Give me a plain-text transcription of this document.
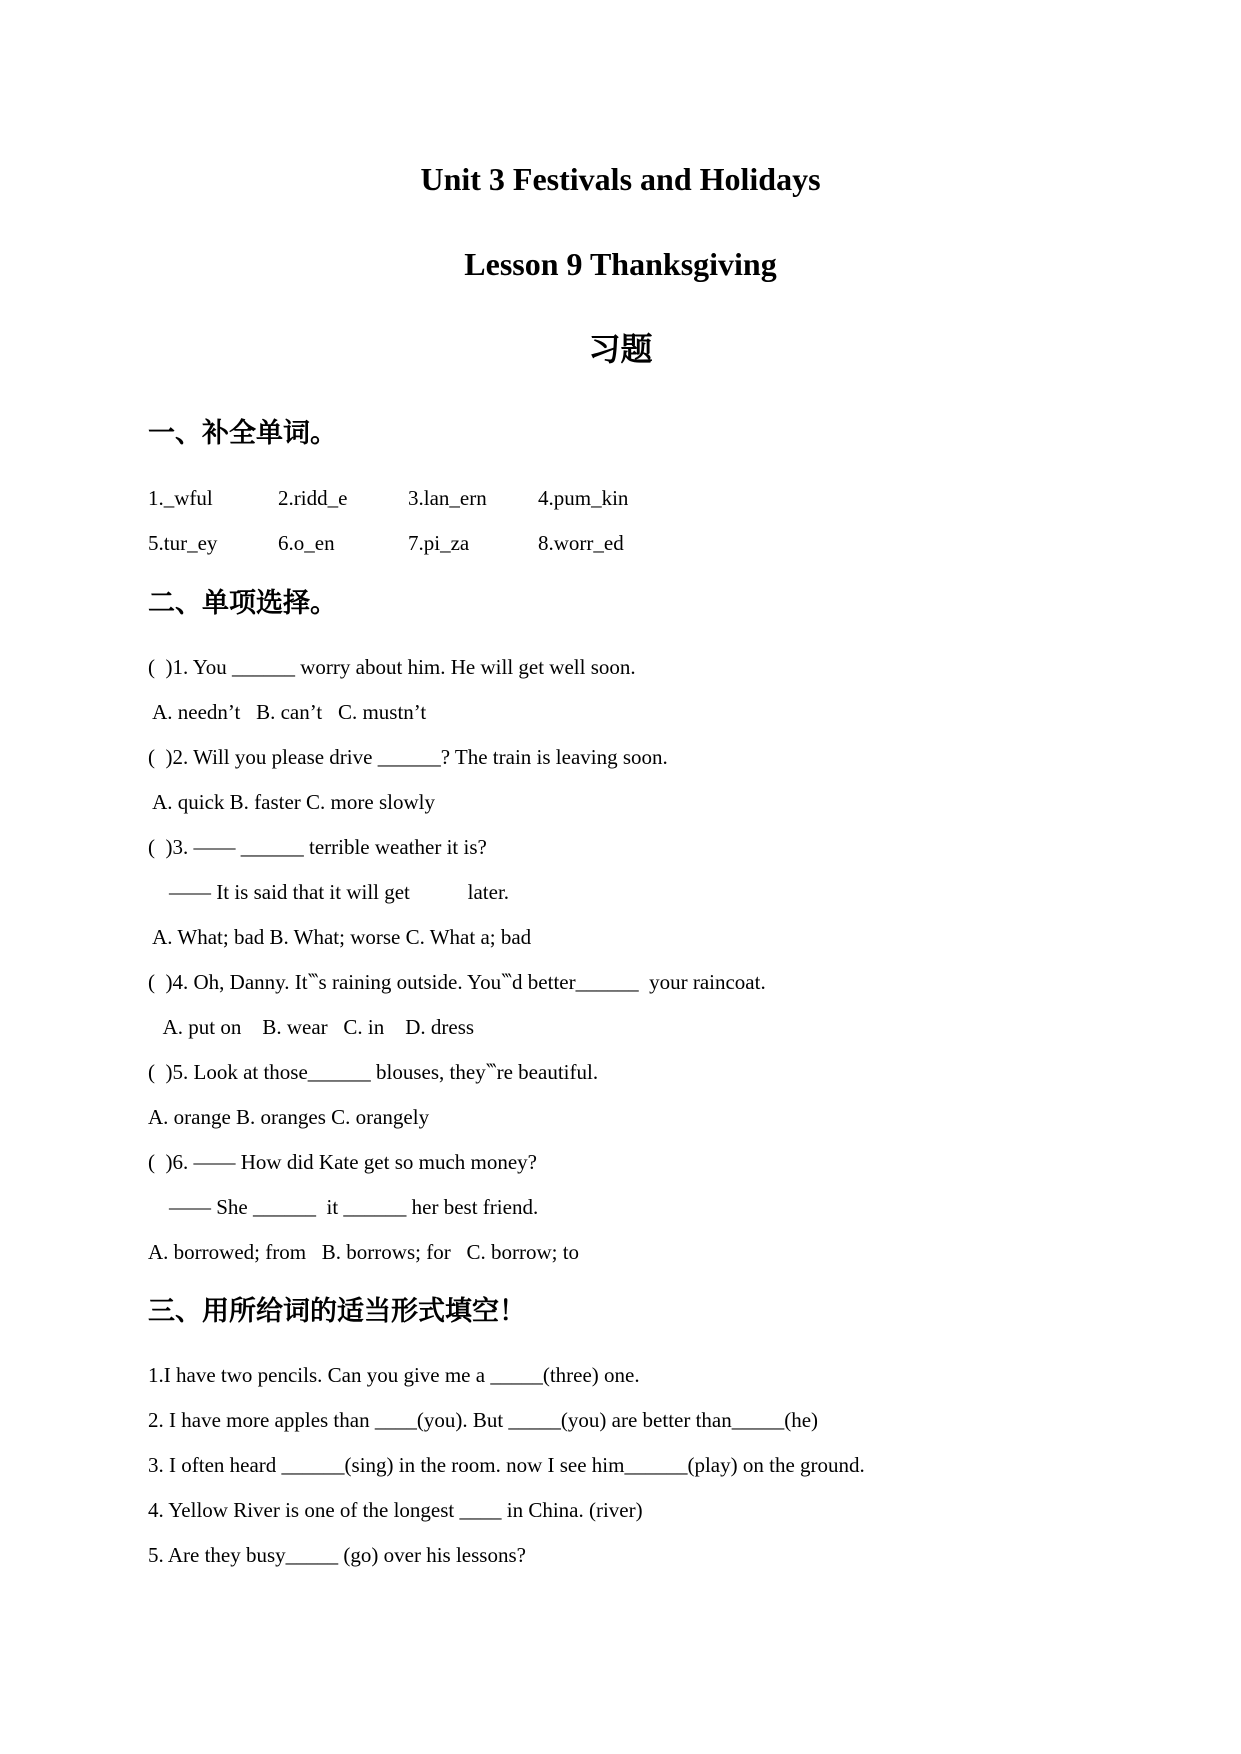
Unit 3 Festivals and Holidays
Lesson 9 Thanksgiving
习题
一、补全单词。
1._wful	2.ridd_e	3.lan_ern 4.pum_kin
5.tur_ey	6.o_en	7.pi_za	8.worr_ed
二、单项选择。
(  )1. You ______ worry about him. He will get well soon.
A. needn’t   B. can’t   C. mustn’t
(  )2. Will you please drive ______? The train is leaving soon.
A. quick B. faster C. more slowly
(  )3. —— ______ terrible weather it is?
—— It is said that it will get           later.
A. What; bad B. What; worse C. What a; bad
(  )4. Oh, Danny. It‷s raining outside. You‷d better______  your raincoat.
A. put on    B. wear   C. in    D. dress
(  )5. Look at those______ blouses, they‷re beautiful.
A. orange B. oranges C. orangely
(  )6. —— How did Kate get so much money?
—— She ______  it ______ her best friend.
A. borrowed; from   B. borrows; for   C. borrow; to
三、用所给词的适当形式填空！
1.I have two pencils. Can you give me a _____(three) one.
2. I have more apples than ____(you). But _____(you) are better than_____(he)
3. I often heard ______(sing) in the room. now I see him______(play) on the ground.
4. Yellow River is one of the longest ____ in China. (river)
5. Are they busy_____ (go) over his lessons?
